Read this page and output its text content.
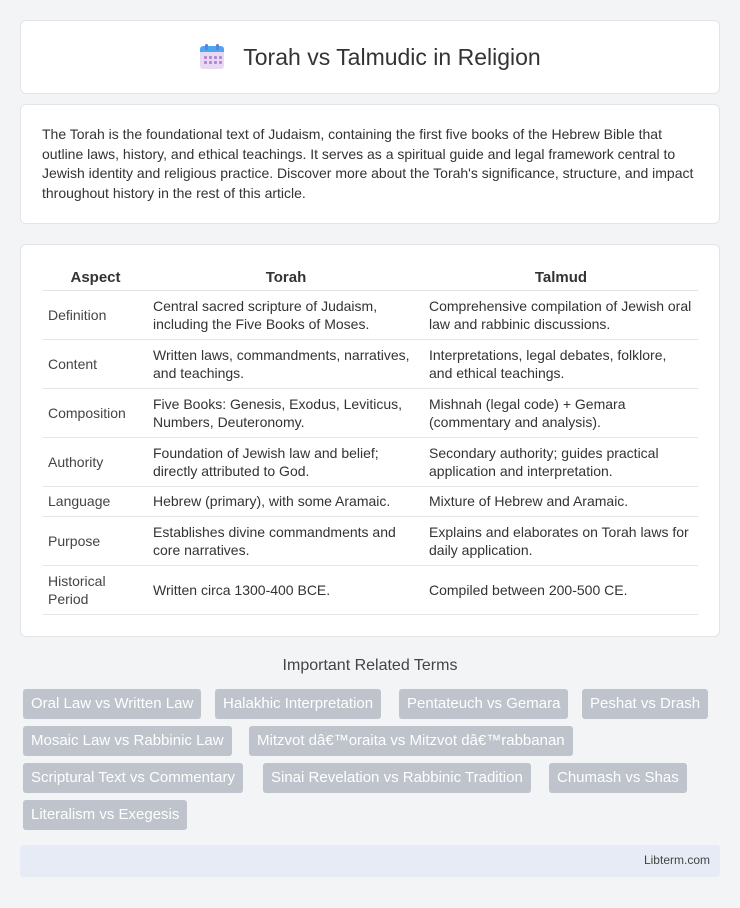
Torah vs Talmudic in Religion
The Torah is the foundational text of Judaism, containing the first five books of the Hebrew Bible that outline laws, history, and ethical teachings. It serves as a spiritual guide and legal framework central to Jewish identity and religious practice. Discover more about the Torah's significance, structure, and impact throughout history in the rest of this article.
Aspect	Torah	Talmud
Definition	Central sacred scripture of Judaism, including the Five Books of Moses.	Comprehensive compilation of Jewish oral law and rabbinic discussions.
Content	Written laws, commandments, narratives, and teachings.	Interpretations, legal debates, folklore, and ethical teachings.
Composition	Five Books: Genesis, Exodus, Leviticus, Numbers, Deuteronomy.	Mishnah (legal code) + Gemara (commentary and analysis).
Authority	Foundation of Jewish law and belief; directly attributed to God.	Secondary authority; guides practical application and interpretation.
Language	Hebrew (primary), with some Aramaic.	Mixture of Hebrew and Aramaic.
Purpose	Establishes divine commandments and core narratives.	Explains and elaborates on Torah laws for daily application.
Historical Period	Written circa 1300-400 BCE.	Compiled between 200-500 CE.
Important Related Terms
Oral Law vs Written Law	Halakhic Interpretation	Pentateuch vs Gemara	Peshat vs Drash
Mosaic Law vs Rabbinic Law	Mitzvot dâ€™oraita vs Mitzvot dâ€™rabbanan
Scriptural Text vs Commentary	Sinai Revelation vs Rabbinic Tradition	Chumash vs Shas
Literalism vs Exegesis
Libterm.com
